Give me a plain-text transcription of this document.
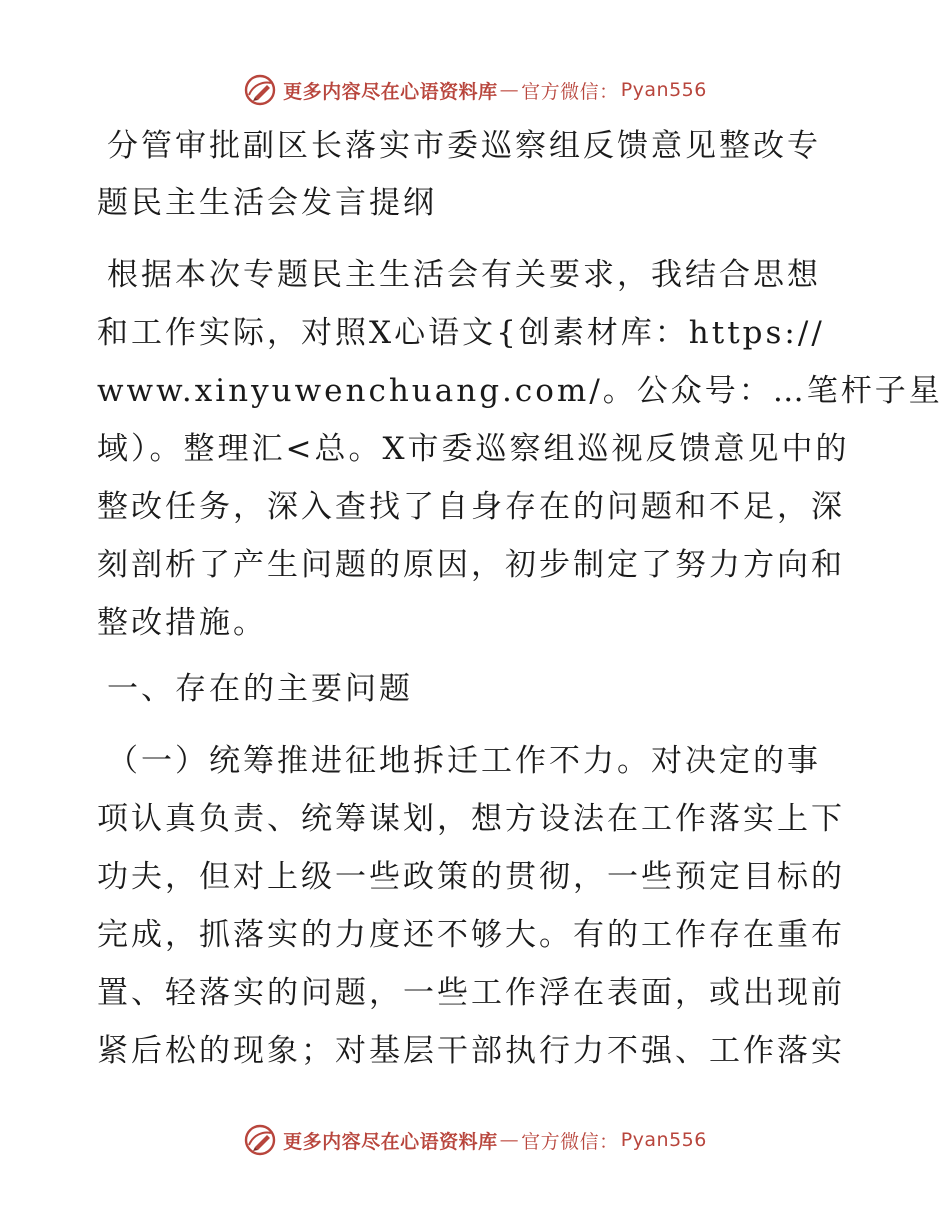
更多内容尽在心语资料库 — 官方微信： Pyan556
分管审批副区长落实市委巡察组反馈意见整改专
题民主生活会发言提纲
根据本次专题民主生活会有关要求，我结合思想
和工作实际，对照X心语文{创素材库：https://
www.xinyuwenchuang.com/。公众号：…笔杆子星
域）。整理汇<总。X市委巡察组巡视反馈意见中的
整改任务，深入查找了自身存在的问题和不足，深
刻剖析了产生问题的原因，初步制定了努力方向和
整改措施。
一、存在的主要问题
（一）统筹推进征地拆迁工作不力。对决定的事
项认真负责、统筹谋划，想方设法在工作落实上下
功夫，但对上级一些政策的贯彻，一些预定目标的
完成，抓落实的力度还不够大。有的工作存在重布
置、轻落实的问题，一些工作浮在表面，或出现前
紧后松的现象；对基层干部执行力不强、工作落实
更多内容尽在心语资料库 — 官方微信： Pyan556
